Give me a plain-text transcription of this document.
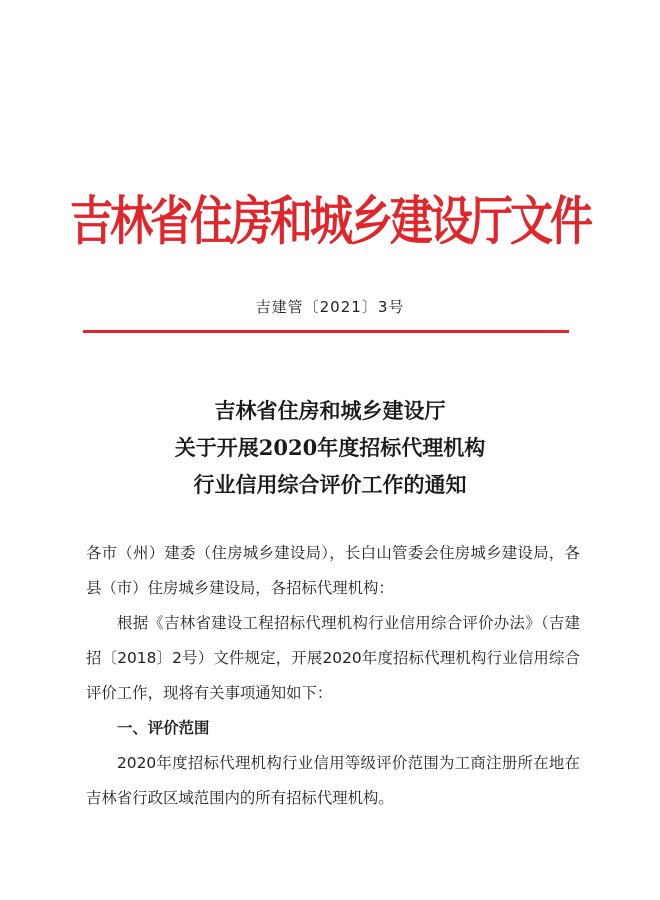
吉林省住房和城乡建设厅文件
吉建管〔2021〕3号
吉林省住房和城乡建设厅
关于开展2020年度招标代理机构
行业信用综合评价工作的通知

各市（州）建委（住房城乡建设局），长白山管委会住房城乡建设局，各县（市）住房城乡建设局，各招标代理机构：

根据《吉林省建设工程招标代理机构行业信用综合评价办法》（吉建招〔2018〕2号）文件规定，开展2020年度招标代理机构行业信用综合评价工作，现将有关事项通知如下：

一、评价范围

2020年度招标代理机构行业信用等级评价范围为工商注册所在地在吉林省行政区域范围内的所有招标代理机构。
